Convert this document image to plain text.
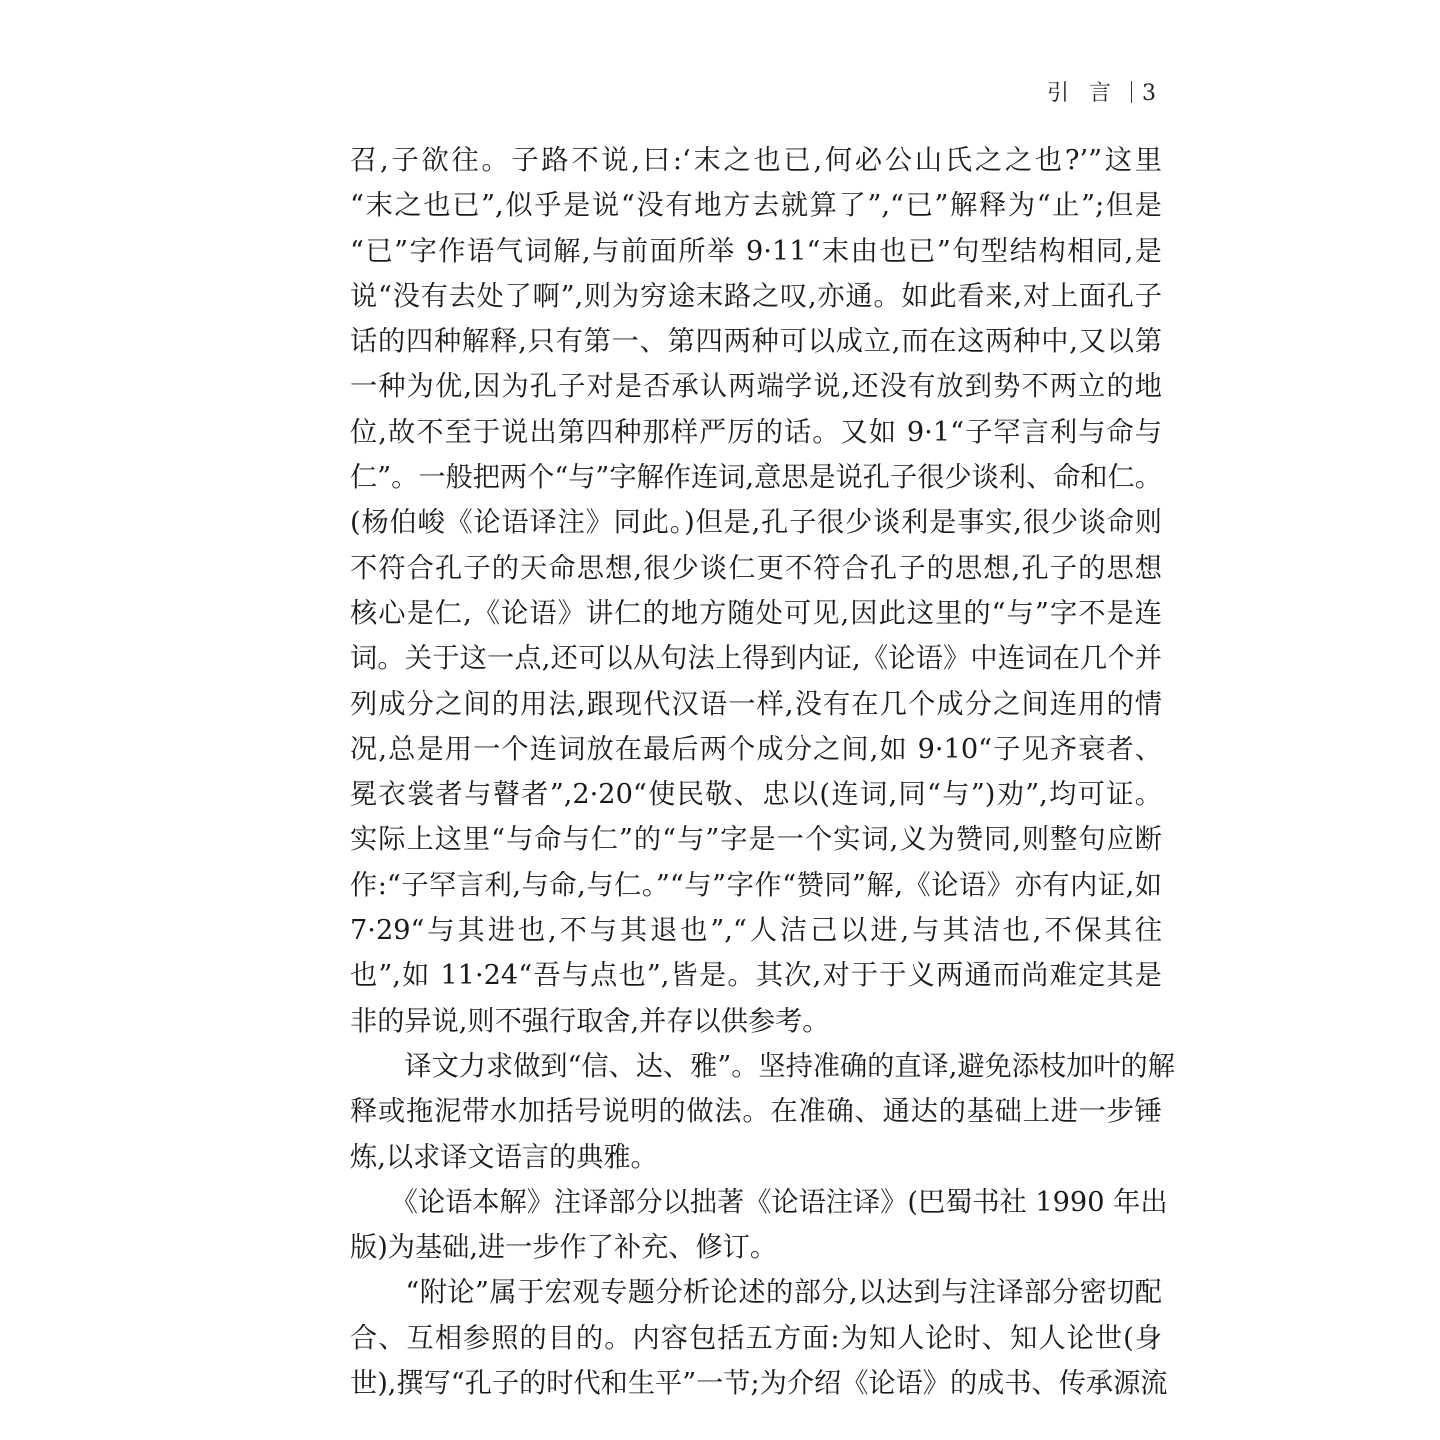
引言 3
召,子欲往。子路不说,曰:‘末之也已,何必公山氏之之也?’”这里
“末之也已”,似乎是说“没有地方去就算了”,“已”解释为“止”;但是
“已”字作语气词解,与前面所举 9·11“末由也已”句型结构相同,是
说“没有去处了啊”,则为穷途末路之叹,亦通。如此看来,对上面孔子
话的四种解释,只有第一、第四两种可以成立,而在这两种中,又以第
一种为优,因为孔子对是否承认两端学说,还没有放到势不两立的地
位,故不至于说出第四种那样严厉的话。又如 9·1“子罕言利与命与
仁”。一般把两个“与”字解作连词,意思是说孔子很少谈利、命和仁。
(杨伯峻《论语译注》同此。)但是,孔子很少谈利是事实,很少谈命则
不符合孔子的天命思想,很少谈仁更不符合孔子的思想,孔子的思想
核心是仁,《论语》讲仁的地方随处可见,因此这里的“与”字不是连
词。关于这一点,还可以从句法上得到内证,《论语》中连词在几个并
列成分之间的用法,跟现代汉语一样,没有在几个成分之间连用的情
况,总是用一个连词放在最后两个成分之间,如 9·10“子见齐衰者、
冕衣裳者与瞽者”,2·20“使民敬、忠以(连词,同“与”)劝”,均可证。
实际上这里“与命与仁”的“与”字是一个实词,义为赞同,则整句应断
作:“子罕言利,与命,与仁。”“与”字作“赞同”解,《论语》亦有内证,如
7·29“与其进也,不与其退也”,“人洁己以进,与其洁也,不保其往
也”,如 11·24“吾与点也”,皆是。其次,对于于义两通而尚难定其是
非的异说,则不强行取舍,并存以供参考。
　　译文力求做到“信、达、雅”。坚持准确的直译,避免添枝加叶的解
释或拖泥带水加括号说明的做法。在准确、通达的基础上进一步锤
炼,以求译文语言的典雅。
　　《论语本解》注译部分以拙著《论语注译》(巴蜀书社 1990 年出
版)为基础,进一步作了补充、修订。
　　“附论”属于宏观专题分析论述的部分,以达到与注译部分密切配
合、互相参照的目的。内容包括五方面:为知人论时、知人论世(身
世),撰写“孔子的时代和生平”一节;为介绍《论语》的成书、传承源流
